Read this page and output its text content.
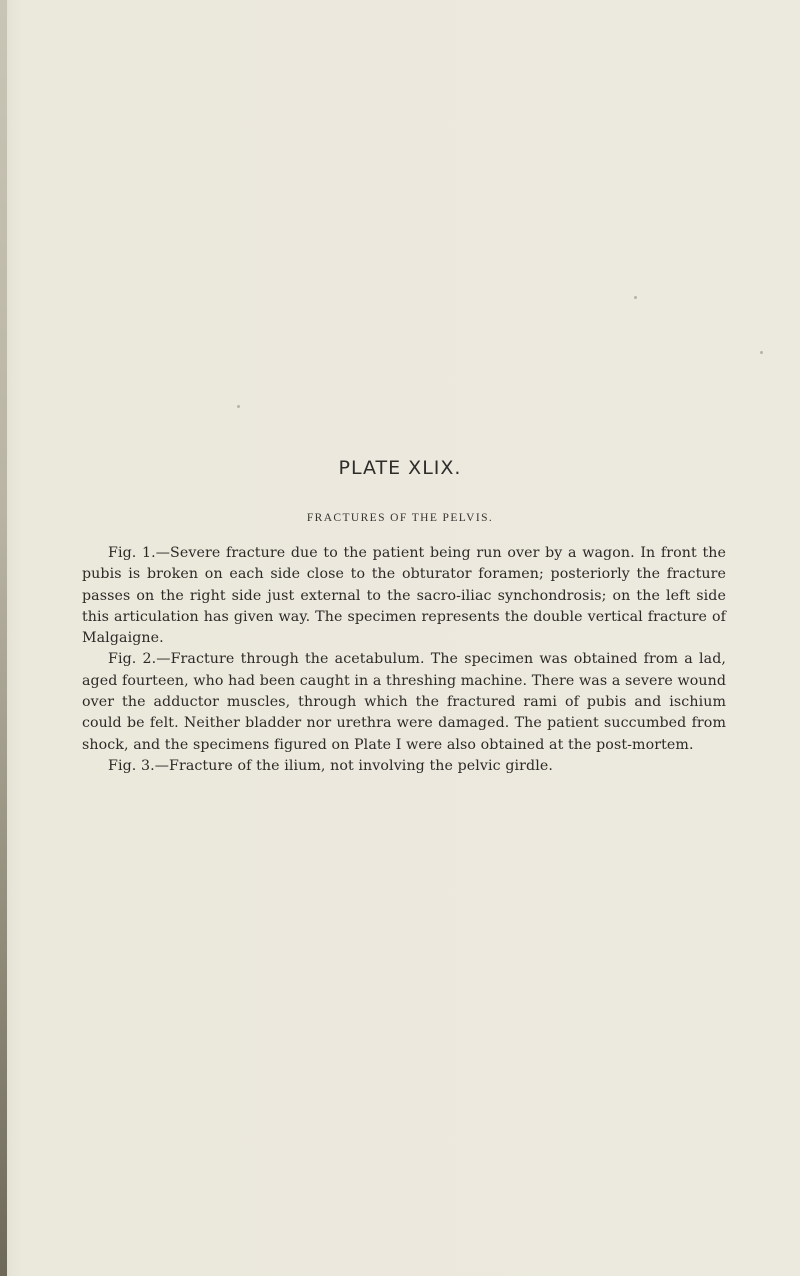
PLATE XLIX.
FRACTURES OF THE PELVIS.

Fig. 1.—Severe fracture due to the patient being run over by a wagon. In front the pubis is broken on each side close to the obturator foramen; posteriorly the fracture passes on the right side just external to the sacro-iliac synchondrosis; on the left side this articulation has given way. The specimen represents the double vertical fracture of Malgaigne.

Fig. 2.—Fracture through the acetabulum. The specimen was obtained from a lad, aged fourteen, who had been caught in a threshing machine. There was a severe wound over the adductor muscles, through which the fractured rami of pubis and ischium could be felt. Neither bladder nor urethra were damaged. The patient succumbed from shock, and the specimens figured on Plate I were also obtained at the post-mortem.

Fig. 3.—Fracture of the ilium, not involving the pelvic girdle.
